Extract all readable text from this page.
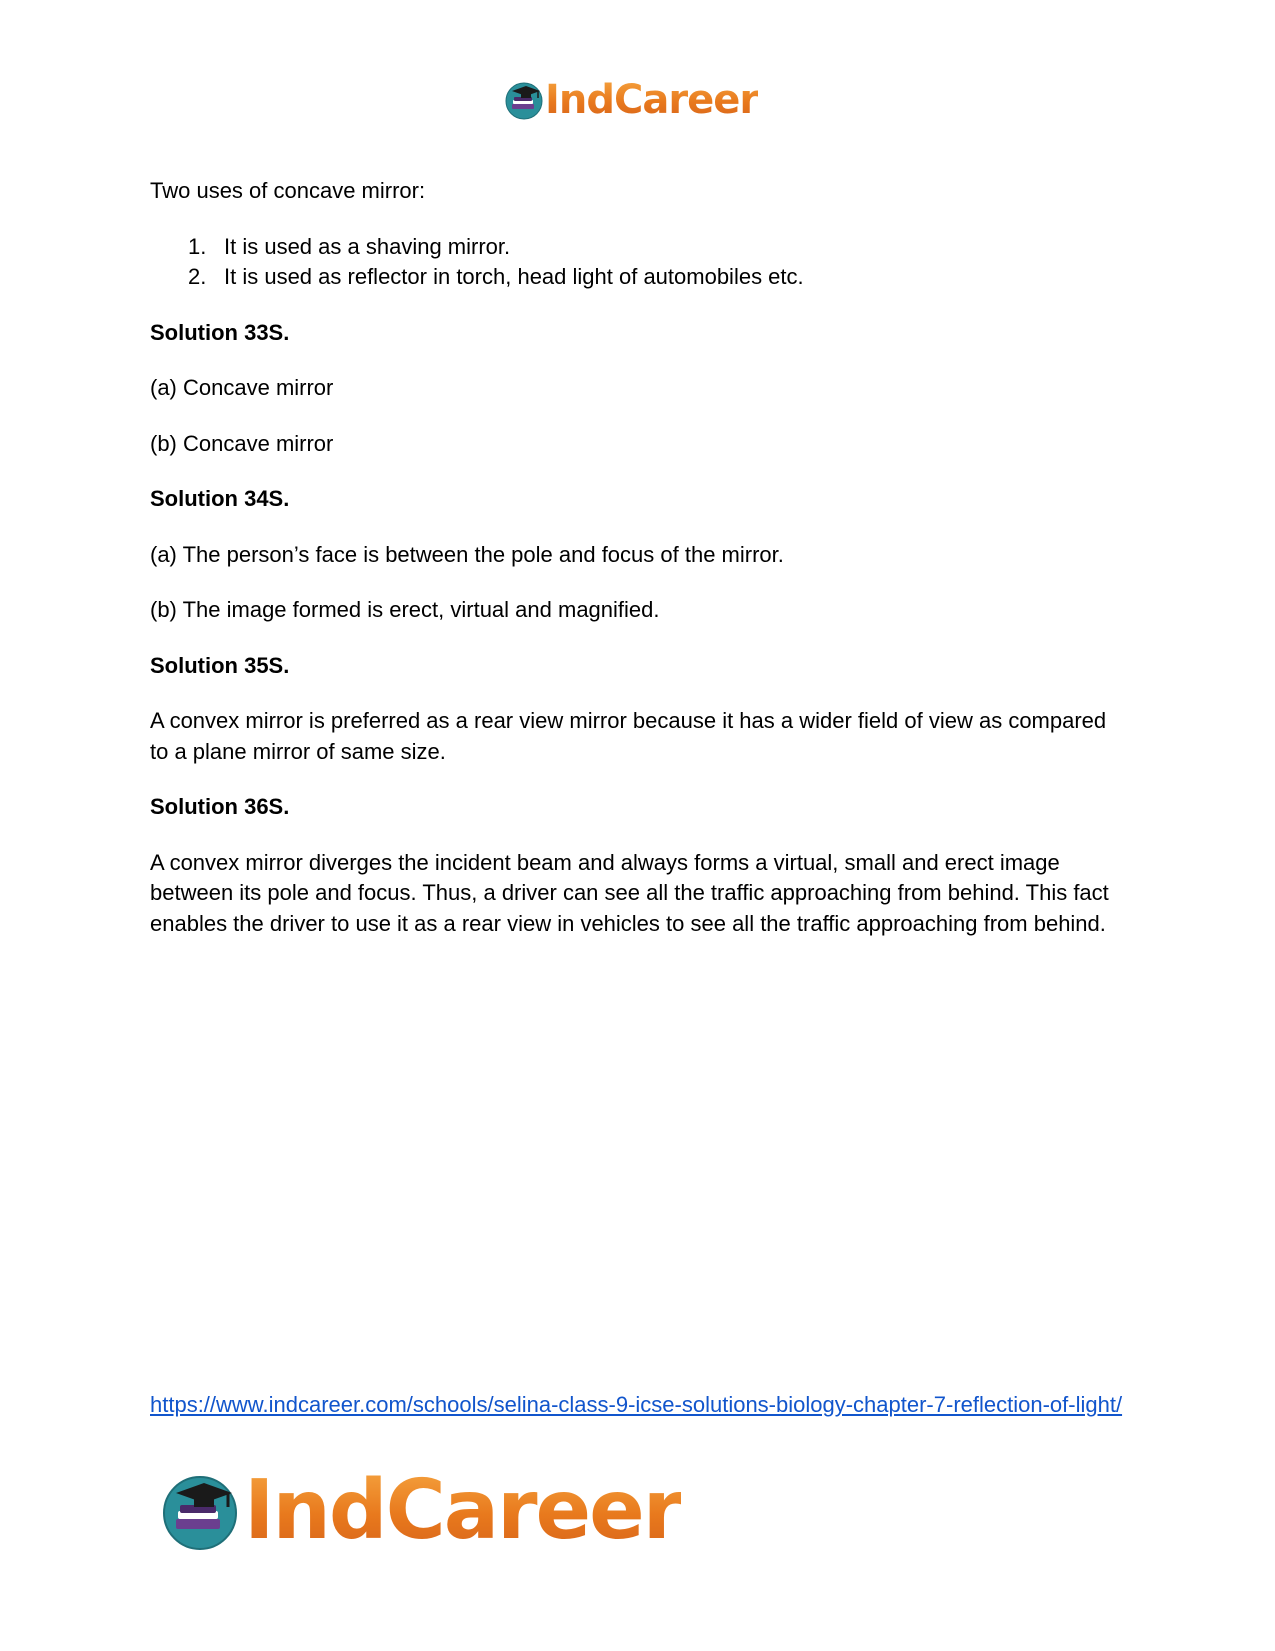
IndCareer

Two uses of concave mirror:

1. It is used as a shaving mirror.
2. It is used as reflector in torch, head light of automobiles etc.

Solution 33S.

(a) Concave mirror

(b) Concave mirror

Solution 34S.

(a) The person’s face is between the pole and focus of the mirror.

(b) The image formed is erect, virtual and magnified.

Solution 35S.

A convex mirror is preferred as a rear view mirror because it has a wider field of view as compared to a plane mirror of same size.

Solution 36S.

A convex mirror diverges the incident beam and always forms a virtual, small and erect image between its pole and focus. Thus, a driver can see all the traffic approaching from behind. This fact enables the driver to use it as a rear view in vehicles to see all the traffic approaching from behind.

https://www.indcareer.com/schools/selina-class-9-icse-solutions-biology-chapter-7-reflection-of-light/
IndCareer
